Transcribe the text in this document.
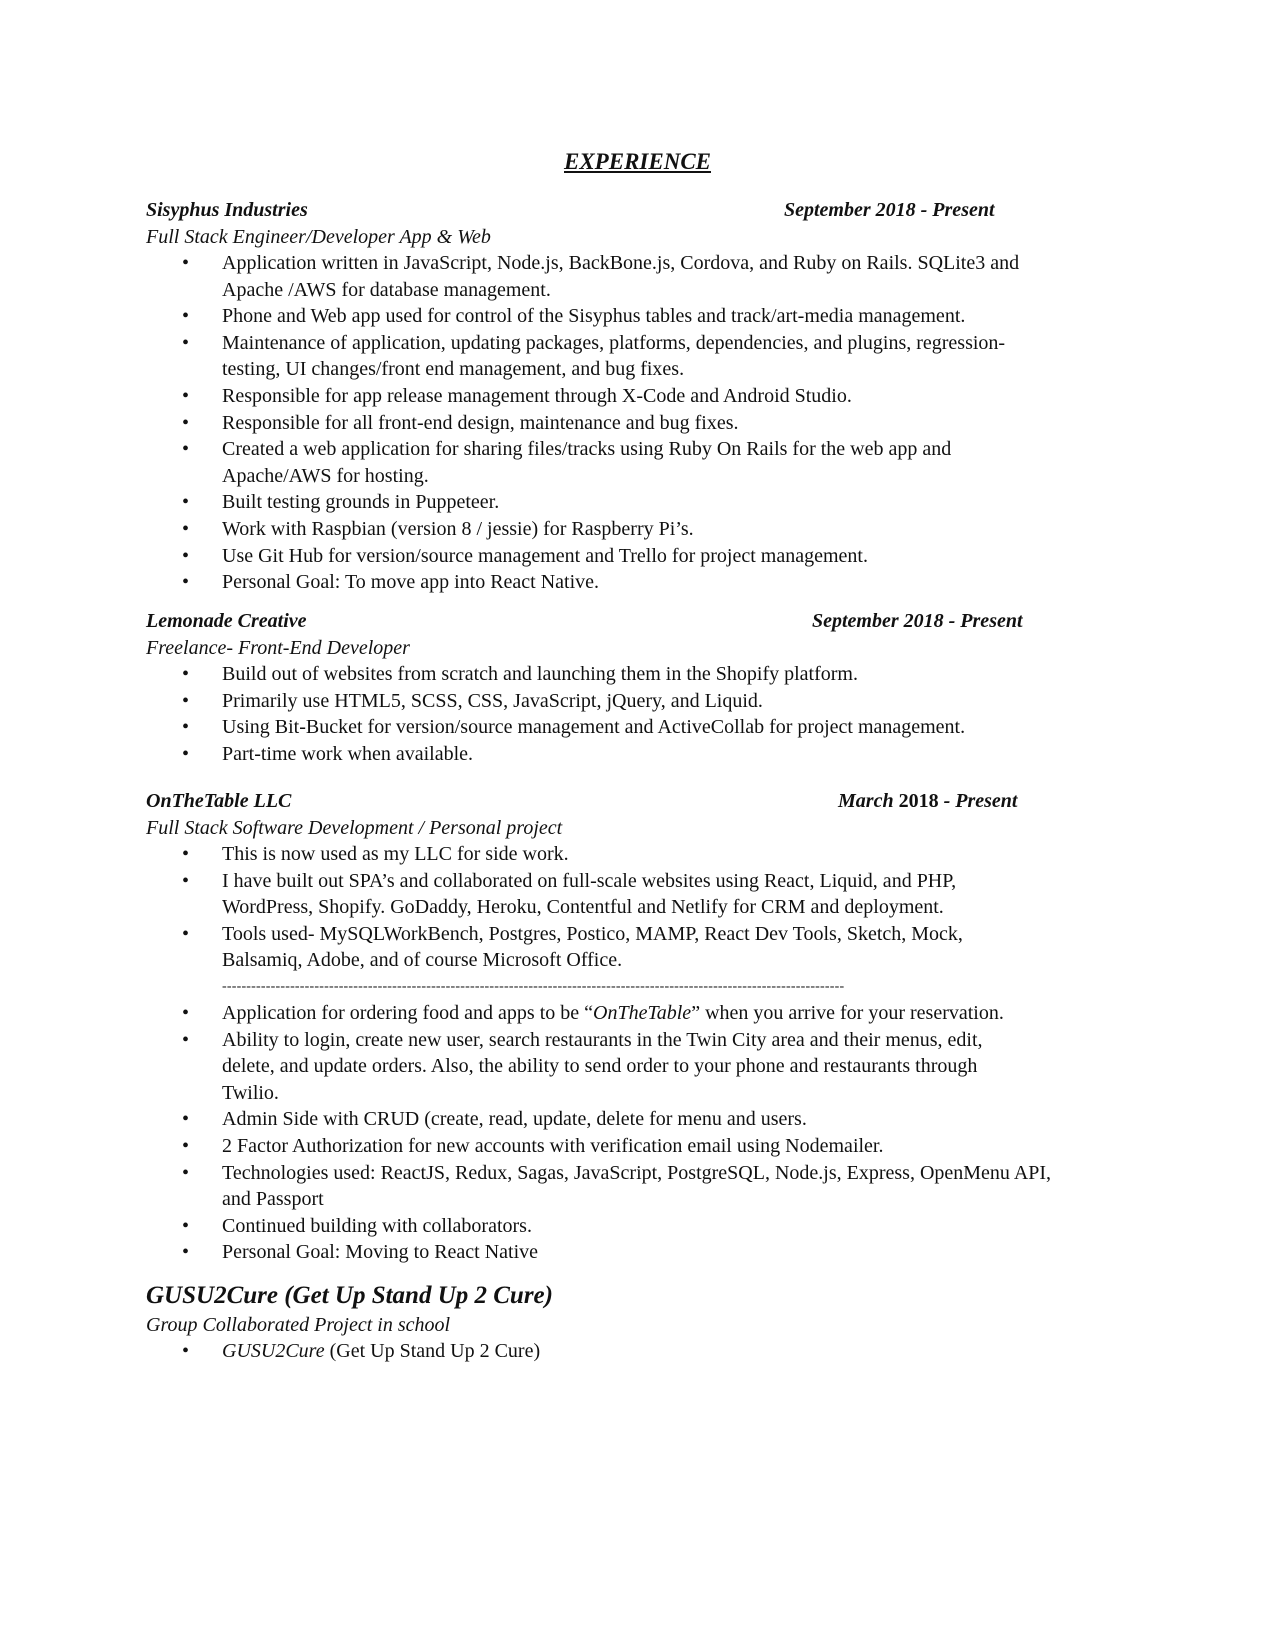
EXPERIENCE
Sisyphus Industries	September 2018 - Present
Full Stack Engineer/Developer App & Web
• Application written in JavaScript, Node.js, BackBone.js, Cordova, and Ruby on Rails. SQLite3 and Apache /AWS for database management.
• Phone and Web app used for control of the Sisyphus tables and track/art-media management.
• Maintenance of application, updating packages, platforms, dependencies, and plugins, regression-testing, UI changes/front end management, and bug fixes.
• Responsible for app release management through X-Code and Android Studio.
• Responsible for all front-end design, maintenance and bug fixes.
• Created a web application for sharing files/tracks using Ruby On Rails for the web app and Apache/AWS for hosting.
• Built testing grounds in Puppeteer.
• Work with Raspbian (version 8 / jessie) for Raspberry Pi’s.
• Use Git Hub for version/source management and Trello for project management.
• Personal Goal: To move app into React Native.
Lemonade Creative	September 2018 - Present
Freelance- Front-End Developer
• Build out of websites from scratch and launching them in the Shopify platform.
• Primarily use HTML5, SCSS, CSS, JavaScript, jQuery, and Liquid.
• Using Bit-Bucket for version/source management and ActiveCollab for project management.
• Part-time work when available.
OnTheTable LLC	March 2018 - Present
Full Stack Software Development / Personal project
• This is now used as my LLC for side work.
• I have built out SPA’s and collaborated on full-scale websites using React, Liquid, and PHP, WordPress, Shopify. GoDaddy, Heroku, Contentful and Netlify for CRM and deployment.
• Tools used- MySQLWorkBench, Postgres, Postico, MAMP, React Dev Tools, Sketch, Mock, Balsamiq, Adobe, and of course Microsoft Office.
--------------------------------------------------------------------------------------------------------------------------------
• Application for ordering food and apps to be “OnTheTable” when you arrive for your reservation.
• Ability to login, create new user, search restaurants in the Twin City area and their menus, edit, delete, and update orders. Also, the ability to send order to your phone and restaurants through Twilio.
• Admin Side with CRUD (create, read, update, delete for menu and users.
• 2 Factor Authorization for new accounts with verification email using Nodemailer.
• Technologies used: ReactJS, Redux, Sagas, JavaScript, PostgreSQL, Node.js, Express, OpenMenu API, and Passport
• Continued building with collaborators.
• Personal Goal: Moving to React Native
GUSU2Cure (Get Up Stand Up 2 Cure)
Group Collaborated Project in school
• GUSU2Cure (Get Up Stand Up 2 Cure)
